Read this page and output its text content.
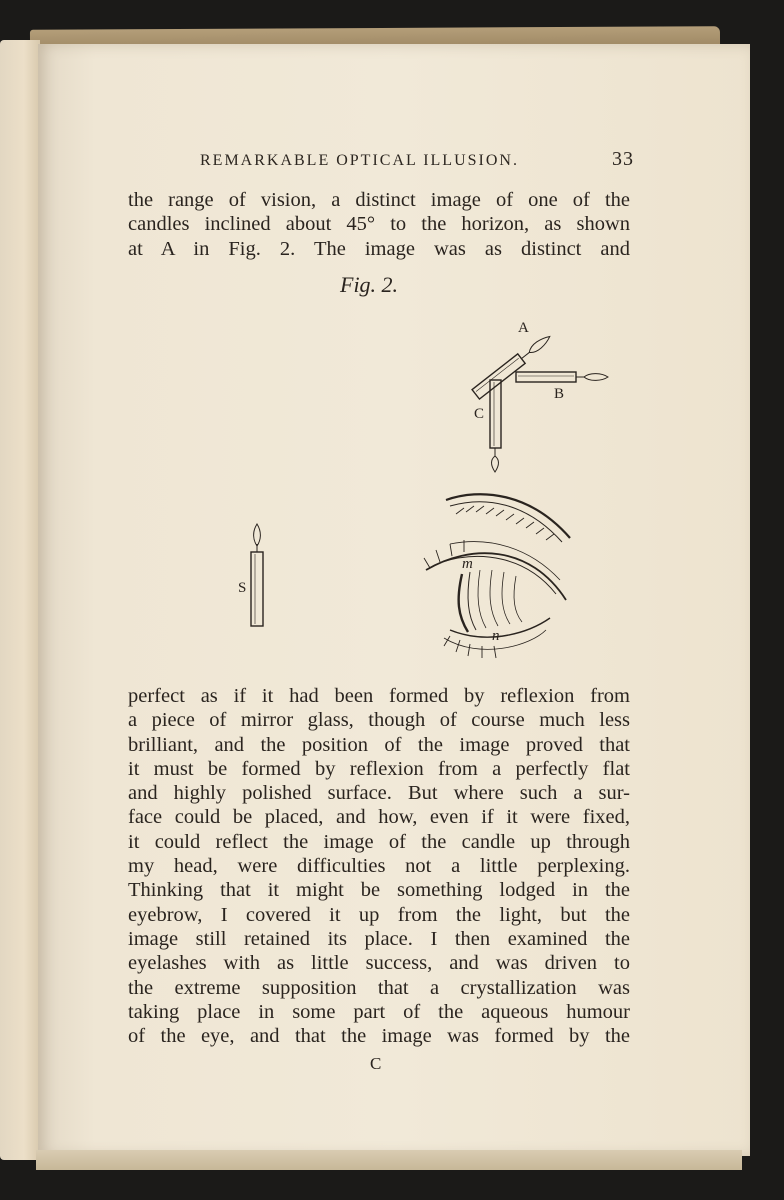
REMARKABLE OPTICAL ILLUSION.	33
the range of vision, a distinct image of one of the
candles inclined about 45° to the horizon, as shown
at A in Fig. 2. The image was as distinct and
Fig. 2.
A
B
C
S
m
n
perfect as if it had been formed by reflexion from
a piece of mirror glass, though of course much less
brilliant, and the position of the image proved that
it must be formed by reflexion from a perfectly flat
and highly polished surface. But where such a sur-
face could be placed, and how, even if it were fixed,
it could reflect the image of the candle up through
my head, were difficulties not a little perplexing.
Thinking that it might be something lodged in the
eyebrow, I covered it up from the light, but the
image still retained its place. I then examined the
eyelashes with as little success, and was driven to
the extreme supposition that a crystallization was
taking place in some part of the aqueous humour
of the eye, and that the image was formed by the
C
